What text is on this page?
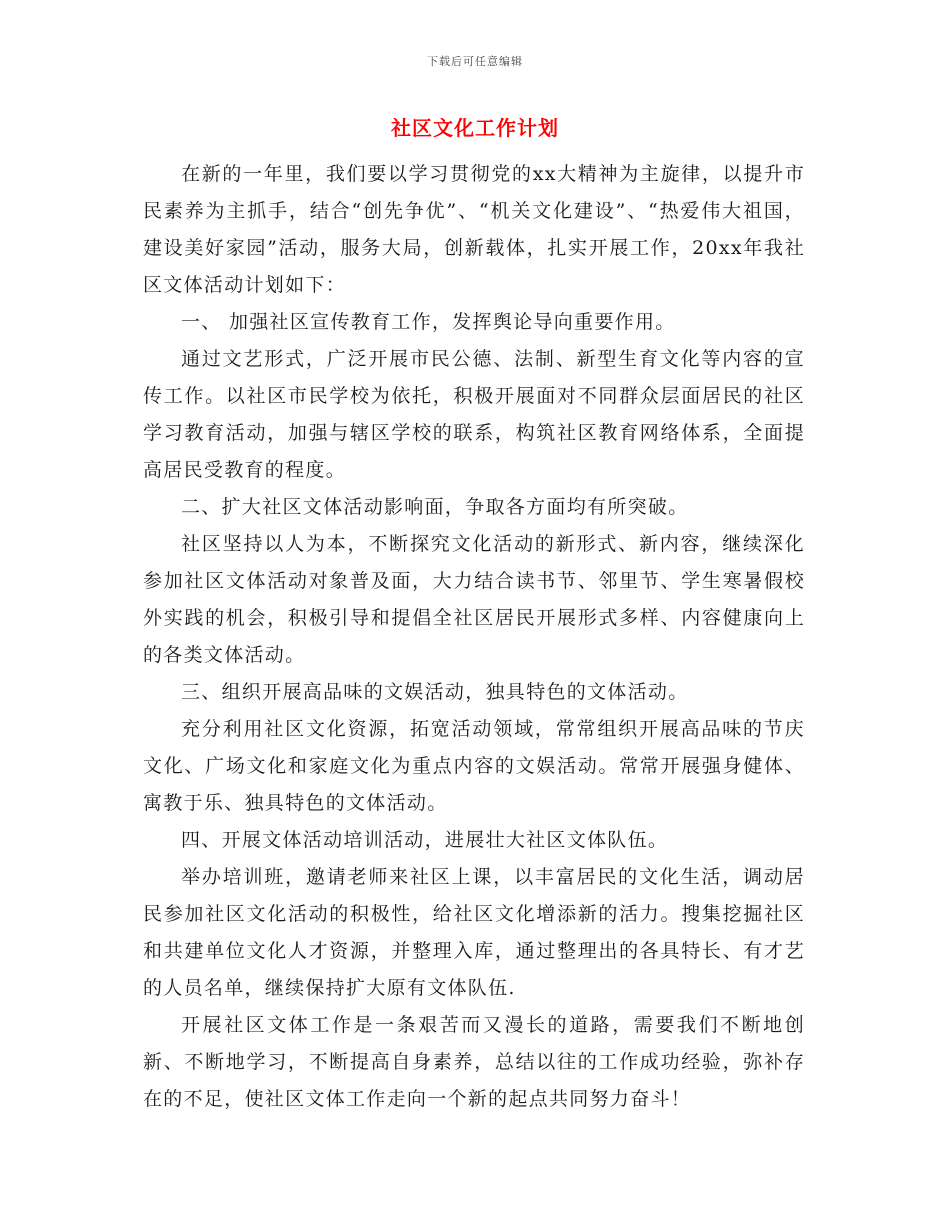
下载后可任意编辑
社区文化工作计划

在新的一年里，我们要以学习贯彻党的xx大精神为主旋律，以提升市民素养为主抓手，结合“创先争优”、“机关文化建设”、“热爱伟大祖国，建设美好家园”活动，服务大局，创新载体，扎实开展工作，20xx年我社区文体活动计划如下：

一、 加强社区宣传教育工作，发挥舆论导向重要作用。

通过文艺形式，广泛开展市民公德、法制、新型生育文化等内容的宣传工作。以社区市民学校为依托，积极开展面对不同群众层面居民的社区学习教育活动，加强与辖区学校的联系，构筑社区教育网络体系，全面提高居民受教育的程度。

二、扩大社区文体活动影响面，争取各方面均有所突破。

社区坚持以人为本，不断探究文化活动的新形式、新内容，继续深化参加社区文体活动对象普及面，大力结合读书节、邻里节、学生寒暑假校外实践的机会，积极引导和提倡全社区居民开展形式多样、内容健康向上的各类文体活动。

三、组织开展高品味的文娱活动，独具特色的文体活动。

充分利用社区文化资源，拓宽活动领域，常常组织开展高品味的节庆文化、广场文化和家庭文化为重点内容的文娱活动。常常开展强身健体、寓教于乐、独具特色的文体活动。

四、开展文体活动培训活动，进展壮大社区文体队伍。

举办培训班，邀请老师来社区上课，以丰富居民的文化生活，调动居民参加社区文化活动的积极性，给社区文化增添新的活力。搜集挖掘社区和共建单位文化人才资源，并整理入库，通过整理出的各具特长、有才艺的人员名单，继续保持扩大原有文体队伍.

开展社区文体工作是一条艰苦而又漫长的道路，需要我们不断地创新、不断地学习，不断提高自身素养，总结以往的工作成功经验，弥补存在的不足，使社区文体工作走向一个新的起点共同努力奋斗！
